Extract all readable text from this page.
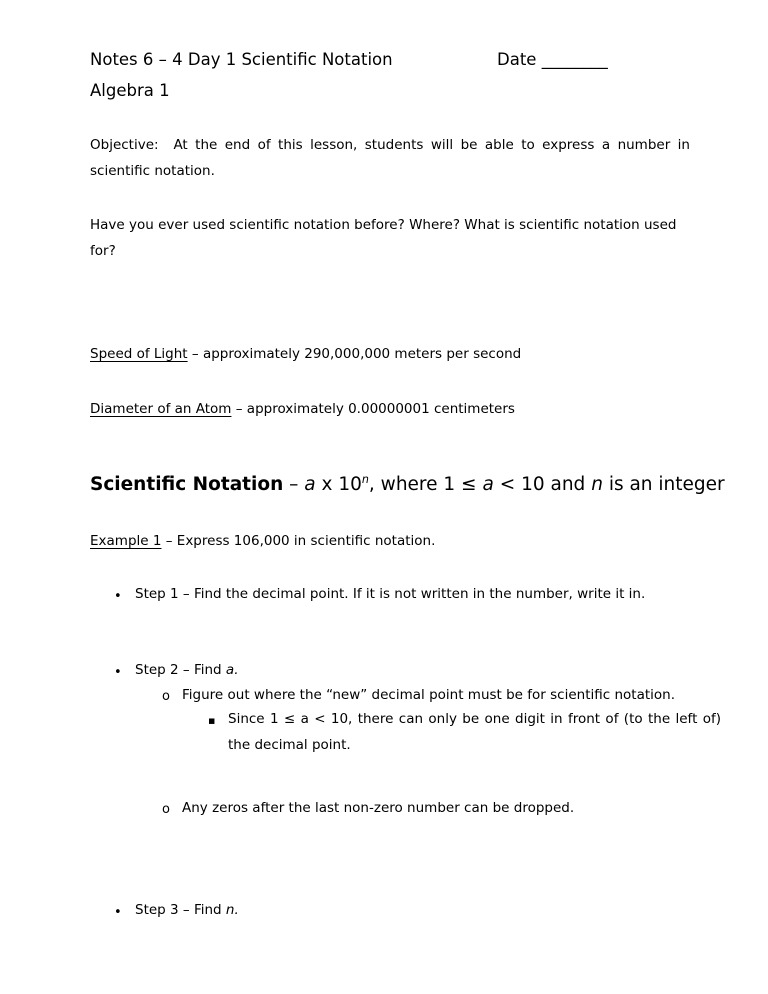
Notes 6 – 4 Day 1 Scientific Notation	Date ________
Algebra 1
Objective: At the end of this lesson, students will be able to express a number in scientific notation.
Have you ever used scientific notation before? Where? What is scientific notation used for?
Speed of Light – approximately 290,000,000 meters per second
Diameter of an Atom – approximately 0.00000001 centimeters
Scientific Notation – a x 10$^n$, where 1 ≤ a < 10 and n is an integer
Example 1 – Express 106,000 in scientific notation.
• Step 1 – Find the decimal point. If it is not written in the number, write it in.
• Step 2 – Find a.
o Figure out where the “new” decimal point must be for scientific notation.
▪ Since 1 ≤ a < 10, there can only be one digit in front of (to the left of) the decimal point.
o Any zeros after the last non-zero number can be dropped.
• Step 3 – Find n.
